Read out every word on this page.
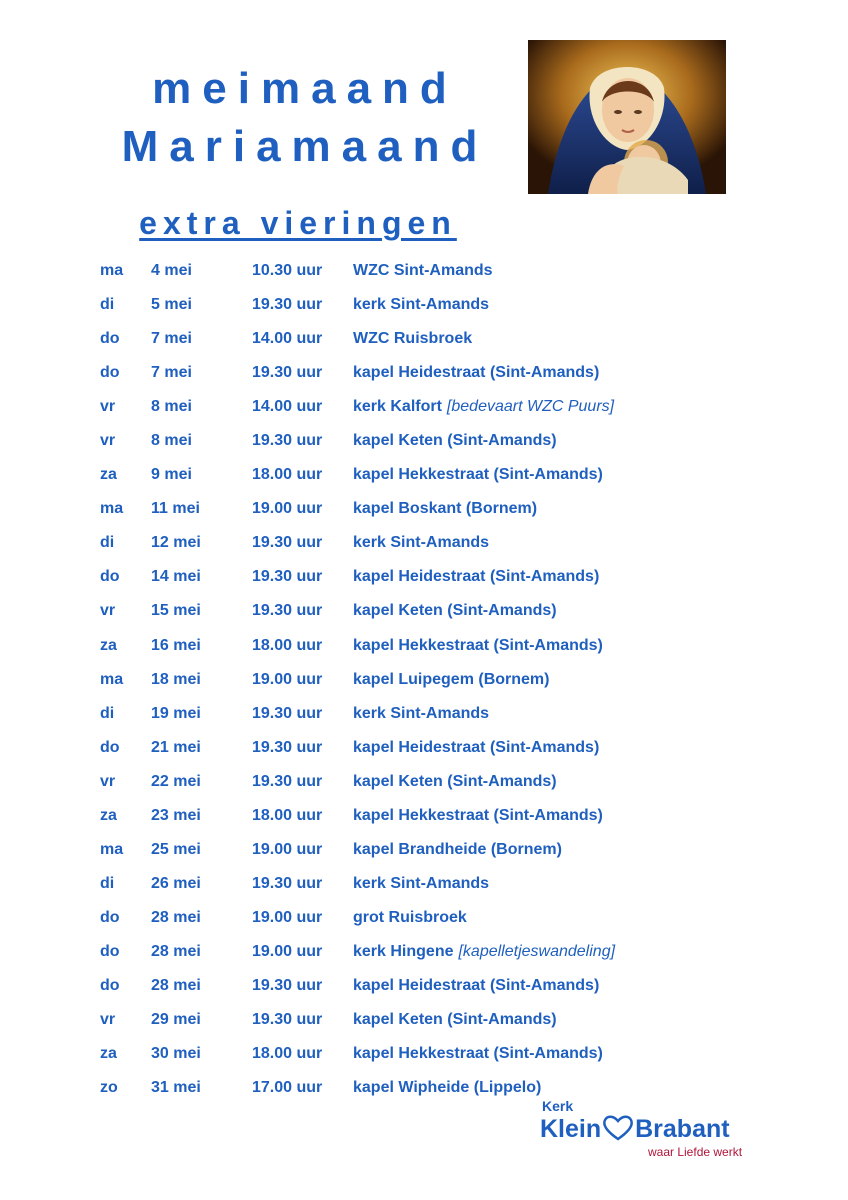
meimaand
Mariamaand
extra vieringen
ma 4 mei	10.30 uur WZC Sint-Amands
di 5 mei	19.30 uur kerk Sint-Amands
do 7 mei	14.00 uur WZC Ruisbroek
do 7 mei	19.30 uur kapel Heidestraat (Sint-Amands)
vr 8 mei	14.00 uur kerk Kalfort [bedevaart WZC Puurs]
vr 8 mei	19.30 uur kapel Keten (Sint-Amands)
za 9 mei	18.00 uur kapel Hekkestraat (Sint-Amands)
ma 11 mei	19.00 uur kapel Boskant (Bornem)
di 12 mei	19.30 uur kerk Sint-Amands
do 14 mei	19.30 uur kapel Heidestraat (Sint-Amands)
vr 15 mei	19.30 uur kapel Keten (Sint-Amands)
za 16 mei	18.00 uur kapel Hekkestraat (Sint-Amands)
ma 18 mei	19.00 uur kapel Luipegem (Bornem)
di 19 mei	19.30 uur kerk Sint-Amands
do 21 mei	19.30 uur kapel Heidestraat (Sint-Amands)
vr 22 mei	19.30 uur kapel Keten (Sint-Amands)
za 23 mei	18.00 uur kapel Hekkestraat (Sint-Amands)
ma 25 mei	19.00 uur kapel Brandheide (Bornem)
di 26 mei	19.30 uur kerk Sint-Amands
do 28 mei	19.00 uur grot Ruisbroek
do 28 mei	19.00 uur kerk Hingene [kapelletjeswandeling]
do 28 mei	19.30 uur kapel Heidestraat (Sint-Amands)
vr 29 mei	19.30 uur kapel Keten (Sint-Amands)
za 30 mei	18.00 uur kapel Hekkestraat (Sint-Amands)
zo 31 mei	17.00 uur kapel Wipheide (Lippelo)
Kerk
Klein Brabant
waar Liefde werkt
